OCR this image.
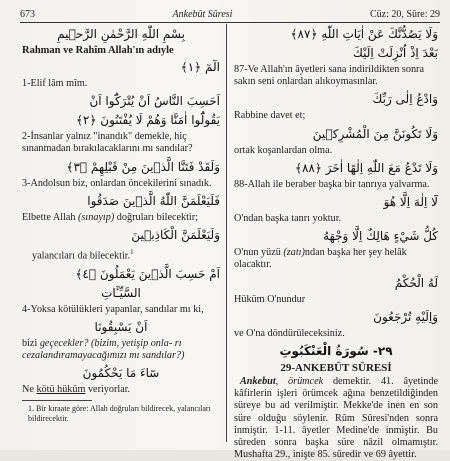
673	Ankebût Sûresi	Cüz: 20, Sûre: 29

بِسْمِ اللّٰهِ الرَّحْمٰنِ الرَّح۪يمِ

Rahman ve Rahîm Allah'ın adıyle

الٓمٓ ﴿١﴾

1-Elif lâm mîm.

اَحَسِبَ النَّاسُ اَنْ يُتْرَكُٓوا اَنْ

يَقُولُٓوا اٰمَنَّا وَهُمْ لَا يُفْتَنُونَ ﴿٢﴾

2-İnsanlar yalnız "inandık" demekle, hiç sınanmadan bırakılacaklarını mı sandılar?

وَلَقَدْ فَتَنَّا الَّذ۪ينَ مِنْ قَبْلِهِمْ ﴿٣﴾

3-Andolsun biz, onlardan öncekilerini sınadık.

فَلَيَعْلَمَنَّ اللّٰهُ الَّذ۪ينَ صَدَقُوا

Elbette Allah (sınayıp) doğruları bilecektir;

وَلَيَعْلَمَنَّ الْكَاذِب۪ينَ

yalancıları da bilecektir.$^1$

اَمْ حَسِبَ الَّذ۪ينَ يَعْمَلُونَ ﴿٤﴾

السَّيِّـَٔاتِ

4-Yoksa kötülükleri yapanlar, sandılar mı ki,

اَنْ يَسْبِقُونَا

bizi geçecekler? (bizim, yetişip onla- rı cezalandıramayacağımızı mı sandılar?)

سَٓاءَ مَا يَحْكُمُونَ

Ne kötü hüküm veriyorlar.

1. Bir kıraate göre: Allah doğruları bildirecek, yalancıları bildirecektir.

وَلَا يَصُدُّنَّكَ عَنْ اٰيَاتِ اللّٰهِ ﴿٨٧﴾

بَعْدَ اِذْ اُنْزِلَتْ اِلَيْكَ

87-Ve Allah'ın âyetleri sana indirildikten sonra sakın seni onlardan alıkoymasınlar.

وَادْعُ اِلٰى رَبِّكَ

Rabbine davet et;

وَلَا تَكُونَنَّ مِنَ الْمُشْرِك۪ينَ

ortak koşanlardan olma.

وَلَا تَدْعُ مَعَ اللّٰهِ اِلٰهًا اٰخَرَ ﴿٨٨﴾

88-Allah ile beraber başka bir tanrıya yalvarma.

لَٓا اِلٰهَ اِلَّا هُوَ

O'ndan başka tanrı yoktur.

كُلُّ شَيْءٍ هَالِكٌ اِلَّا وَجْهَهُ

O'nun yüzü (zatı)ndan başka her şey helâk olacaktır.

لَهُ الْحُكْمُ

Hüküm O'nundur

وَاِلَيْهِ تُرْجَعُونَ

ve O'na döndürüleceksiniz.

٢٩- سُورَةُ الْعَنْكَبُوتِ

29-ANKEBÛT SÛRESİ

Ankebut, örümcek demektir. 41. âyetinde kâfirlerin işleri örümcek ağına benzetildiğinden süreye bu ad verilmiştir. Mekke'de inen en son süre olduğu söylenir. Rûm Sûresi'nden sonra inmiştir. 1-11. âyetler Medine'de inmiştir. Bu sûreden sonra başka süre nâzil olmamıştır. Mushafta 29., inişte 85. sûredir ve 69 âyettir.
